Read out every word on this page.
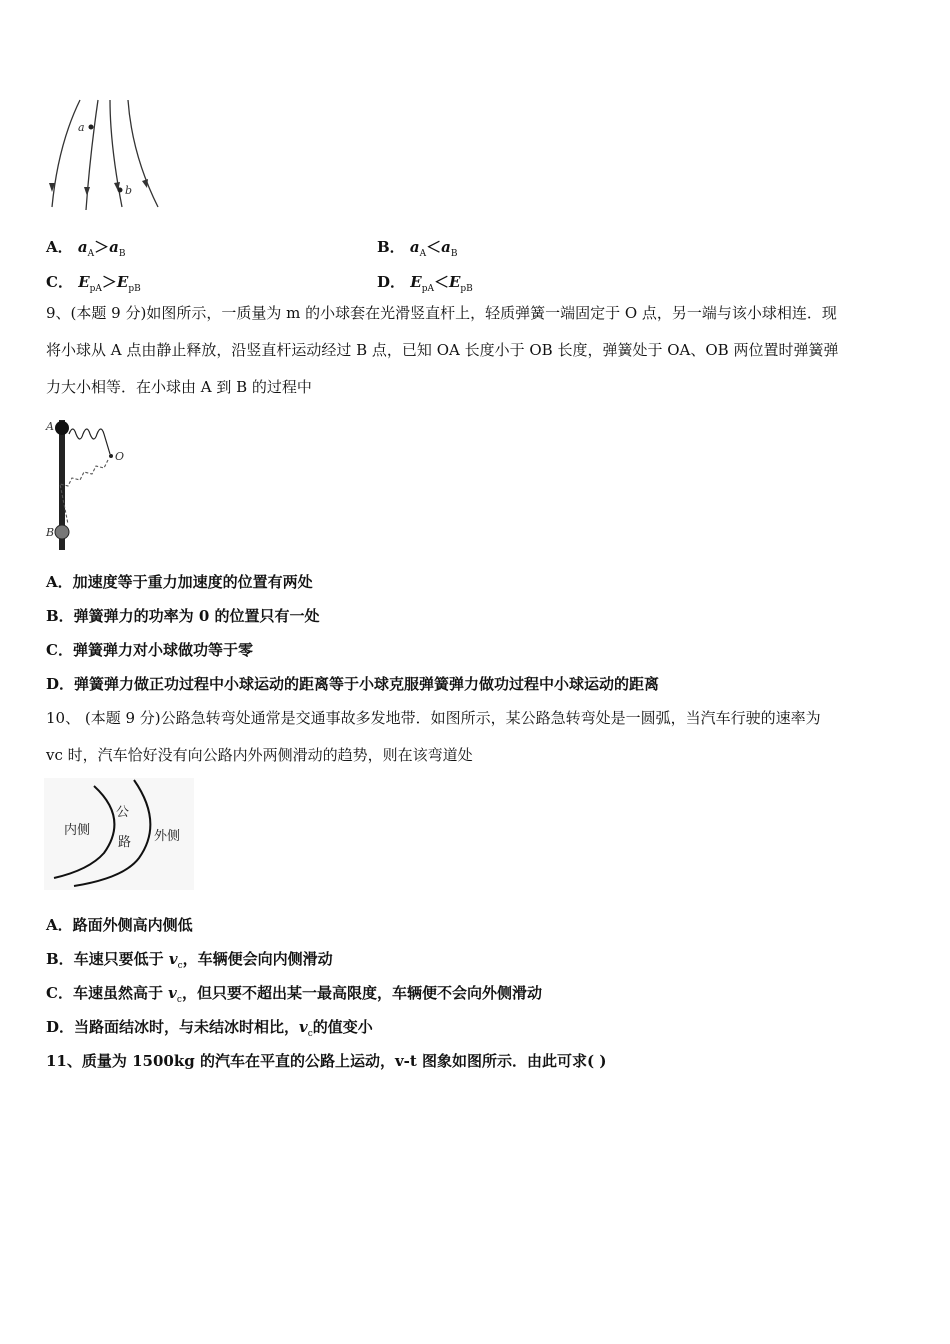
a
b
A． $a_A>a_B$	B． $a_A<a_B$
C． $E_{pA}>E_{pB}$	D． $E_{pA}<E_{pB}$
9、(本题 9 分)如图所示，一质量为 m 的小球套在光滑竖直杆上，轻质弹簧一端固定于 O 点，另一端与该小球相连．现
将小球从 A 点由静止释放，沿竖直杆运动经过 B 点，已知 OA 长度小于 OB 长度，弹簧处于 OA、OB 两位置时弹簧弹
力大小相等．在小球由 A 到 B 的过程中
A
O
B
A．加速度等于重力加速度的位置有两处
B．弹簧弹力的功率为 0 的位置只有一处
C．弹簧弹力对小球做功等于零
D．弹簧弹力做正功过程中小球运动的距离等于小球克服弹簧弹力做功过程中小球运动的距离
10、 (本题 9 分)公路急转弯处通常是交通事故多发地带．如图所示，某公路急转弯处是一圆弧，当汽车行驶的速率为
vc 时，汽车恰好没有向公路内外两侧滑动的趋势，则在该弯道处
内侧
公
路 外侧
A．路面外侧高内侧低
B．车速只要低于 $v_c$，车辆便会向内侧滑动
C．车速虽然高于 $v_c$，但只要不超出某一最高限度，车辆便不会向外侧滑动
D．当路面结冰时，与未结冰时相比，$v_c$的值变小
11、质量为 1500kg 的汽车在平直的公路上运动，v-t 图象如图所示．由此可求( )
